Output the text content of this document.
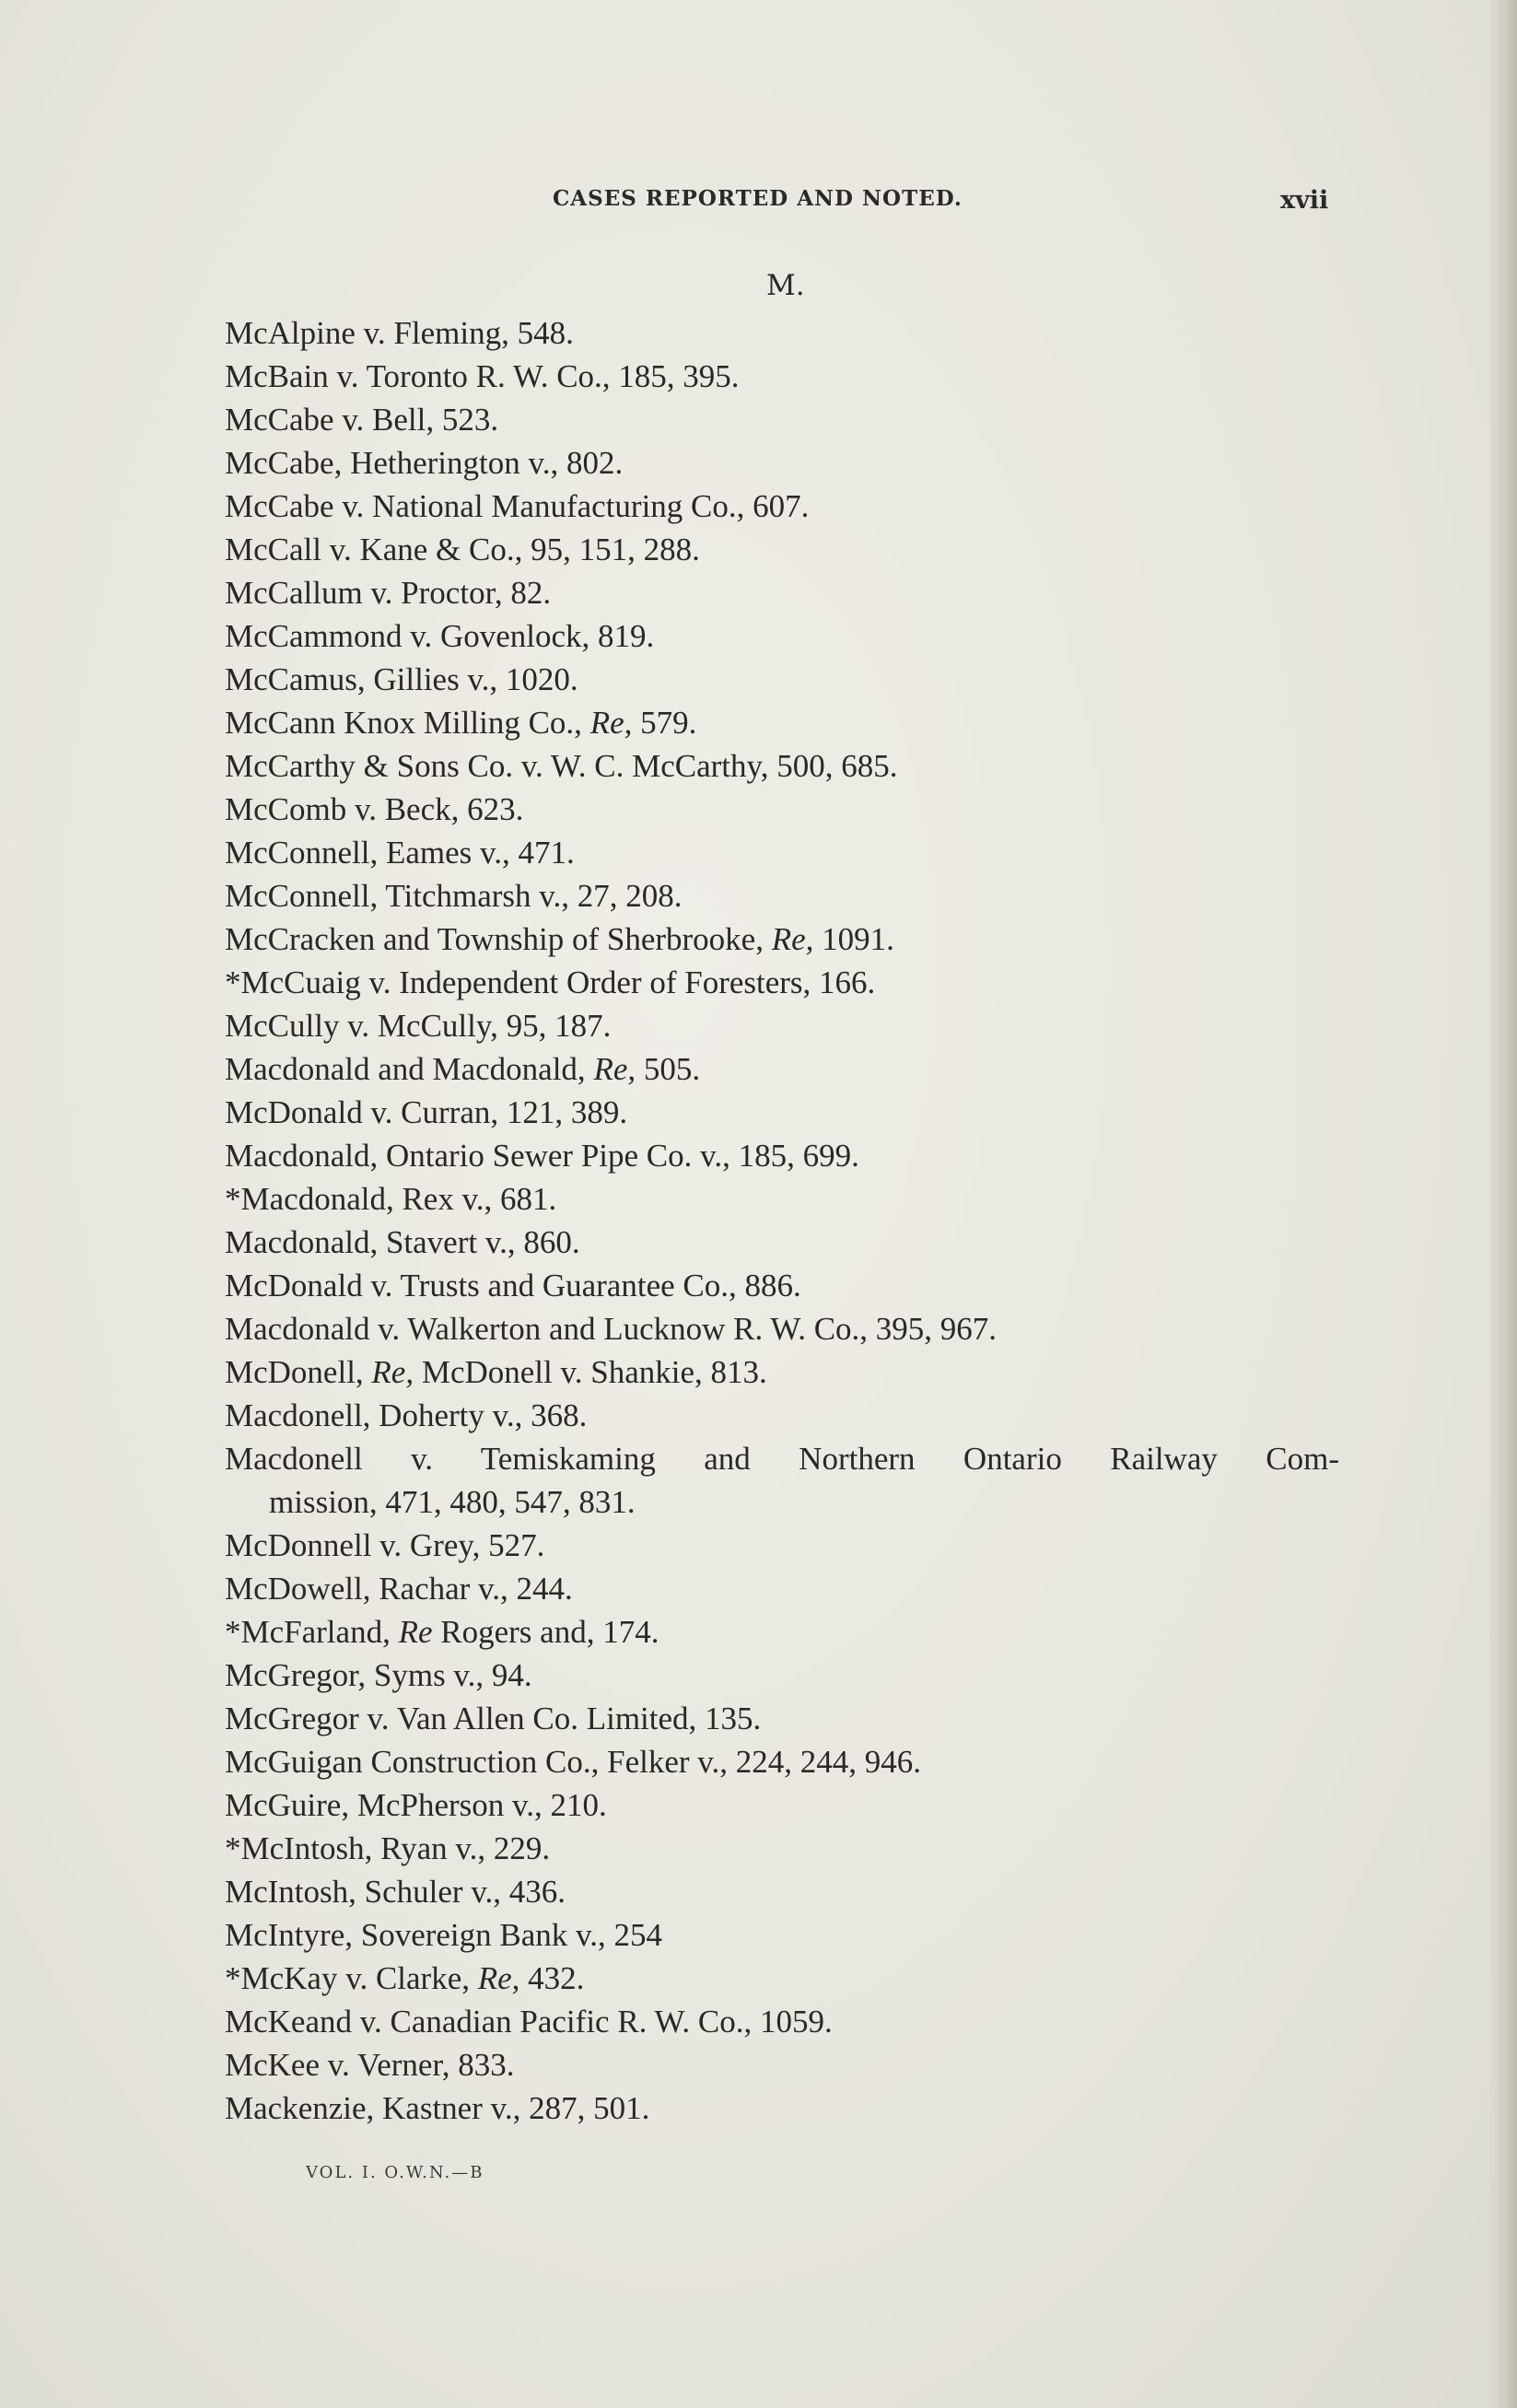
CASES REPORTED AND NOTED.	xvii
M.
McAlpine v. Fleming, 548.
McBain v. Toronto R. W. Co., 185, 395.
McCabe v. Bell, 523.
McCabe, Hetherington v., 802.
McCabe v. National Manufacturing Co., 607.
McCall v. Kane & Co., 95, 151, 288.
McCallum v. Proctor, 82.
McCammond v. Govenlock, 819.
McCamus, Gillies v., 1020.
McCann Knox Milling Co., Re, 579.
McCarthy & Sons Co. v. W. C. McCarthy, 500, 685.
McComb v. Beck, 623.
McConnell, Eames v., 471.
McConnell, Titchmarsh v., 27, 208.
McCracken and Township of Sherbrooke, Re, 1091.
*McCuaig v. Independent Order of Foresters, 166.
McCully v. McCully, 95, 187.
Macdonald and Macdonald, Re, 505.
McDonald v. Curran, 121, 389.
Macdonald, Ontario Sewer Pipe Co. v., 185, 699.
*Macdonald, Rex v., 681.
Macdonald, Stavert v., 860.
McDonald v. Trusts and Guarantee Co., 886.
Macdonald v. Walkerton and Lucknow R. W. Co., 395, 967.
McDonell, Re, McDonell v. Shankie, 813.
Macdonell, Doherty v., 368.
Macdonell v. Temiskaming and Northern Ontario Railway Com-
mission, 471, 480, 547, 831.
McDonnell v. Grey, 527.
McDowell, Rachar v., 244.
*McFarland, Re Rogers and, 174.
McGregor, Syms v., 94.
McGregor v. Van Allen Co. Limited, 135.
McGuigan Construction Co., Felker v., 224, 244, 946.
McGuire, McPherson v., 210.
*McIntosh, Ryan v., 229.
McIntosh, Schuler v., 436.
McIntyre, Sovereign Bank v., 254
*McKay v. Clarke, Re, 432.
McKeand v. Canadian Pacific R. W. Co., 1059.
McKee v. Verner, 833.
Mackenzie, Kastner v., 287, 501.
VOL. I. O.W.N.—B
